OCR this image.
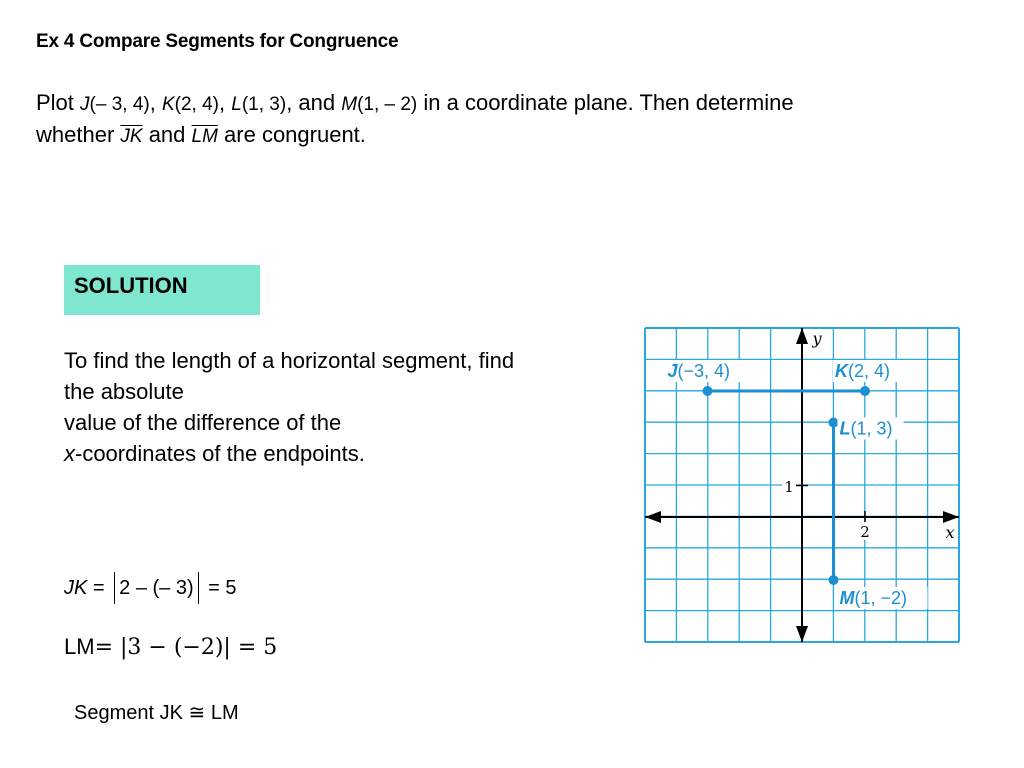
Ex 4 Compare Segments for Congruence
Plot J(– 3, 4), K(2, 4), L(1, 3), and M(1, – 2) in a coordinate plane. Then determine
whether $\overline{JK}$ and $\overline{LM}$ are congruent.
SOLUTION
To find the length of a horizontal segment, find
the absolute
value of the difference of the
x-coordinates of the endpoints.
JK = 2 – (– 3) = 5
LM= |3 − (−2)| = 5
Segment JK ≅ LM
1
2
y
x
J(−3, 4)	K(2, 4)
L(1, 3)
M(1, −2)
